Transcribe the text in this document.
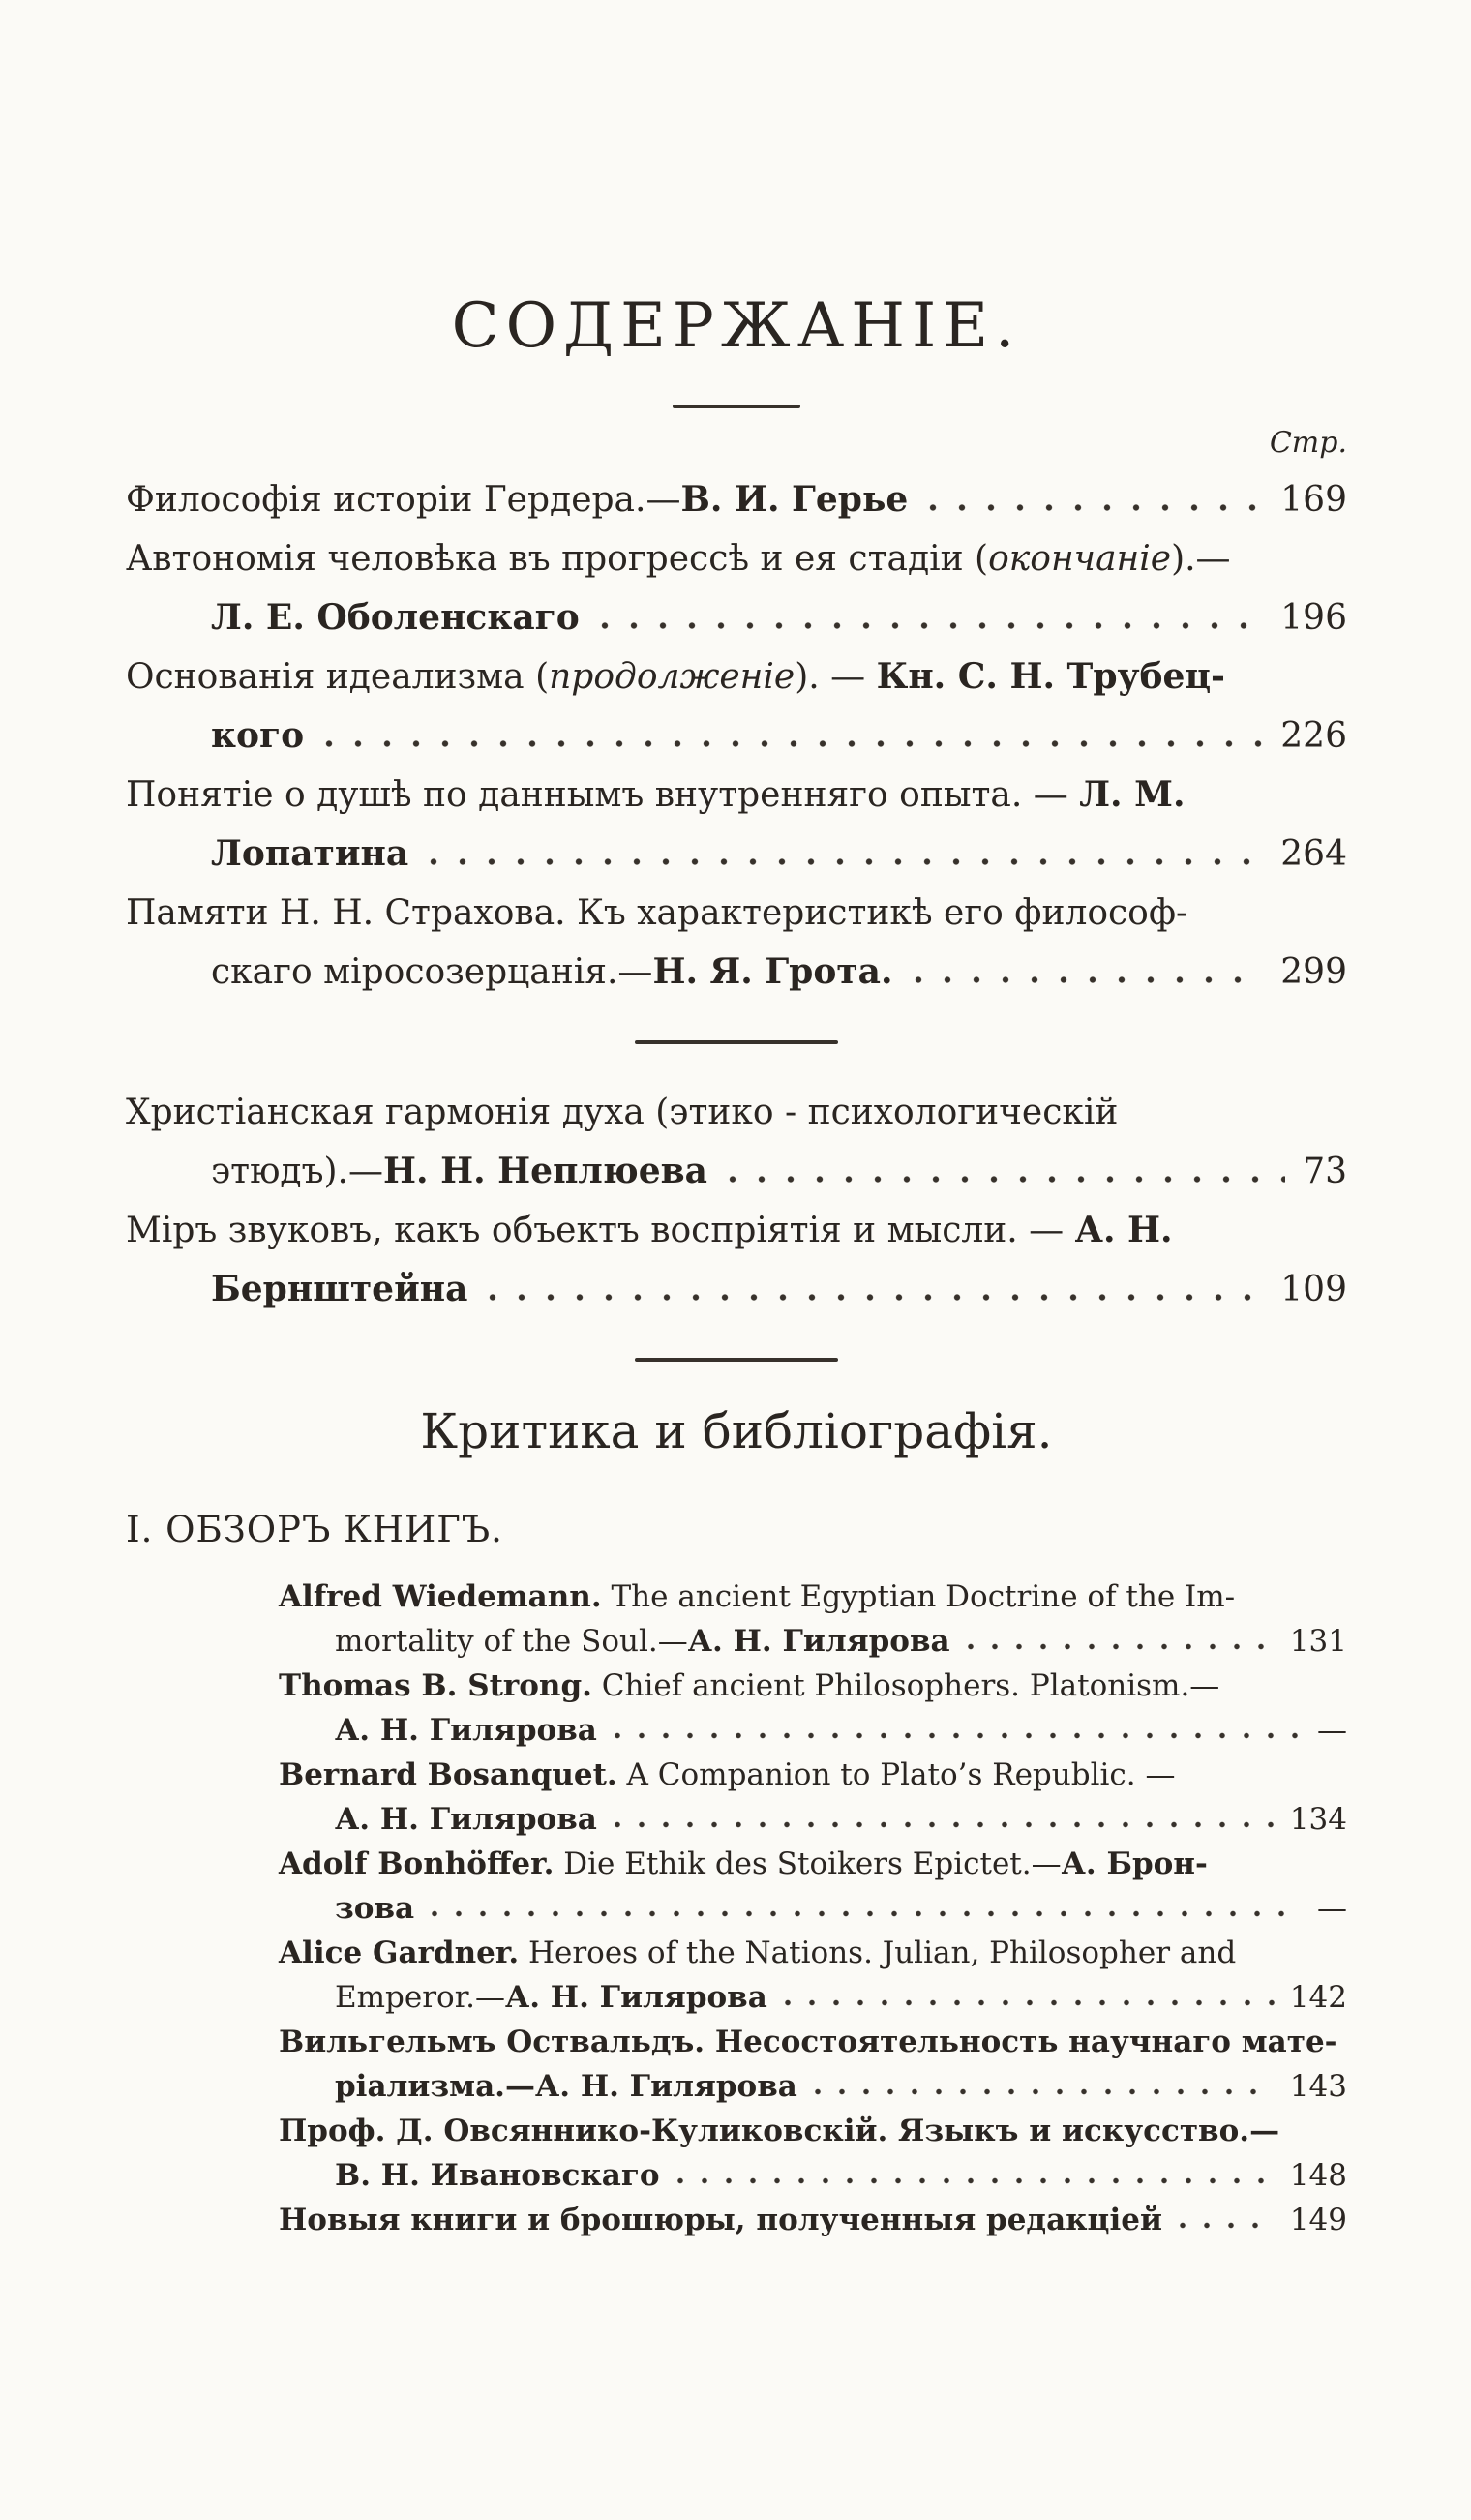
СОДЕРЖАНІЕ.
Стр.
Философія исторіи Гердера.—В. И. Герье	169
Автономія человѣка въ прогрессѣ и ея стадіи (окончаніе).—
Л. Е. Оболенскаго	196
Основанія идеализма (продолженіе). — Кн. С. Н. Трубец-
кого	226
Понятіе о душѣ по даннымъ внутренняго опыта. — Л. М.
Лопатина	264
Памяти Н. Н. Страхова. Къ характеристикѣ его философ-
скаго міросозерцанія.—Н. Я. Грота.	299
Христіанская гармонія духа (этико - психологическій
этюдъ).—Н. Н. Неплюева	73
Міръ звуковъ, какъ объектъ воспріятія и мысли. — А. Н.
Бернштейна	109
Критика и библіографія.
I. ОБЗОРЪ КНИГЪ.
Alfred Wiedemann. The ancient Egyptian Doctrine of the Im-
mortality of the Soul.—А. Н. Гилярова	131
Thomas B. Strong. Chief ancient Philosophers. Platonism.—
А. Н. Гилярова	—
Bernard Bosanquet. A Companion to Plato’s Republic. —
А. Н. Гилярова	134
Adolf Bonhöffer. Die Ethik des Stoikers Epictet.—А. Брон-
зова	—
Alice Gardner. Heroes of the Nations. Julian, Philosopher and
Emperor.—А. Н. Гилярова	142
Вильгельмъ Оствальдъ. Несостоятельность научнаго мате-
ріализма.—А. Н. Гилярова	143
Проф. Д. Овсяннико-Куликовскій. Языкъ и искусство.—
В. Н. Ивановскаго	148
Новыя книги и брошюры, полученныя редакціей	149
